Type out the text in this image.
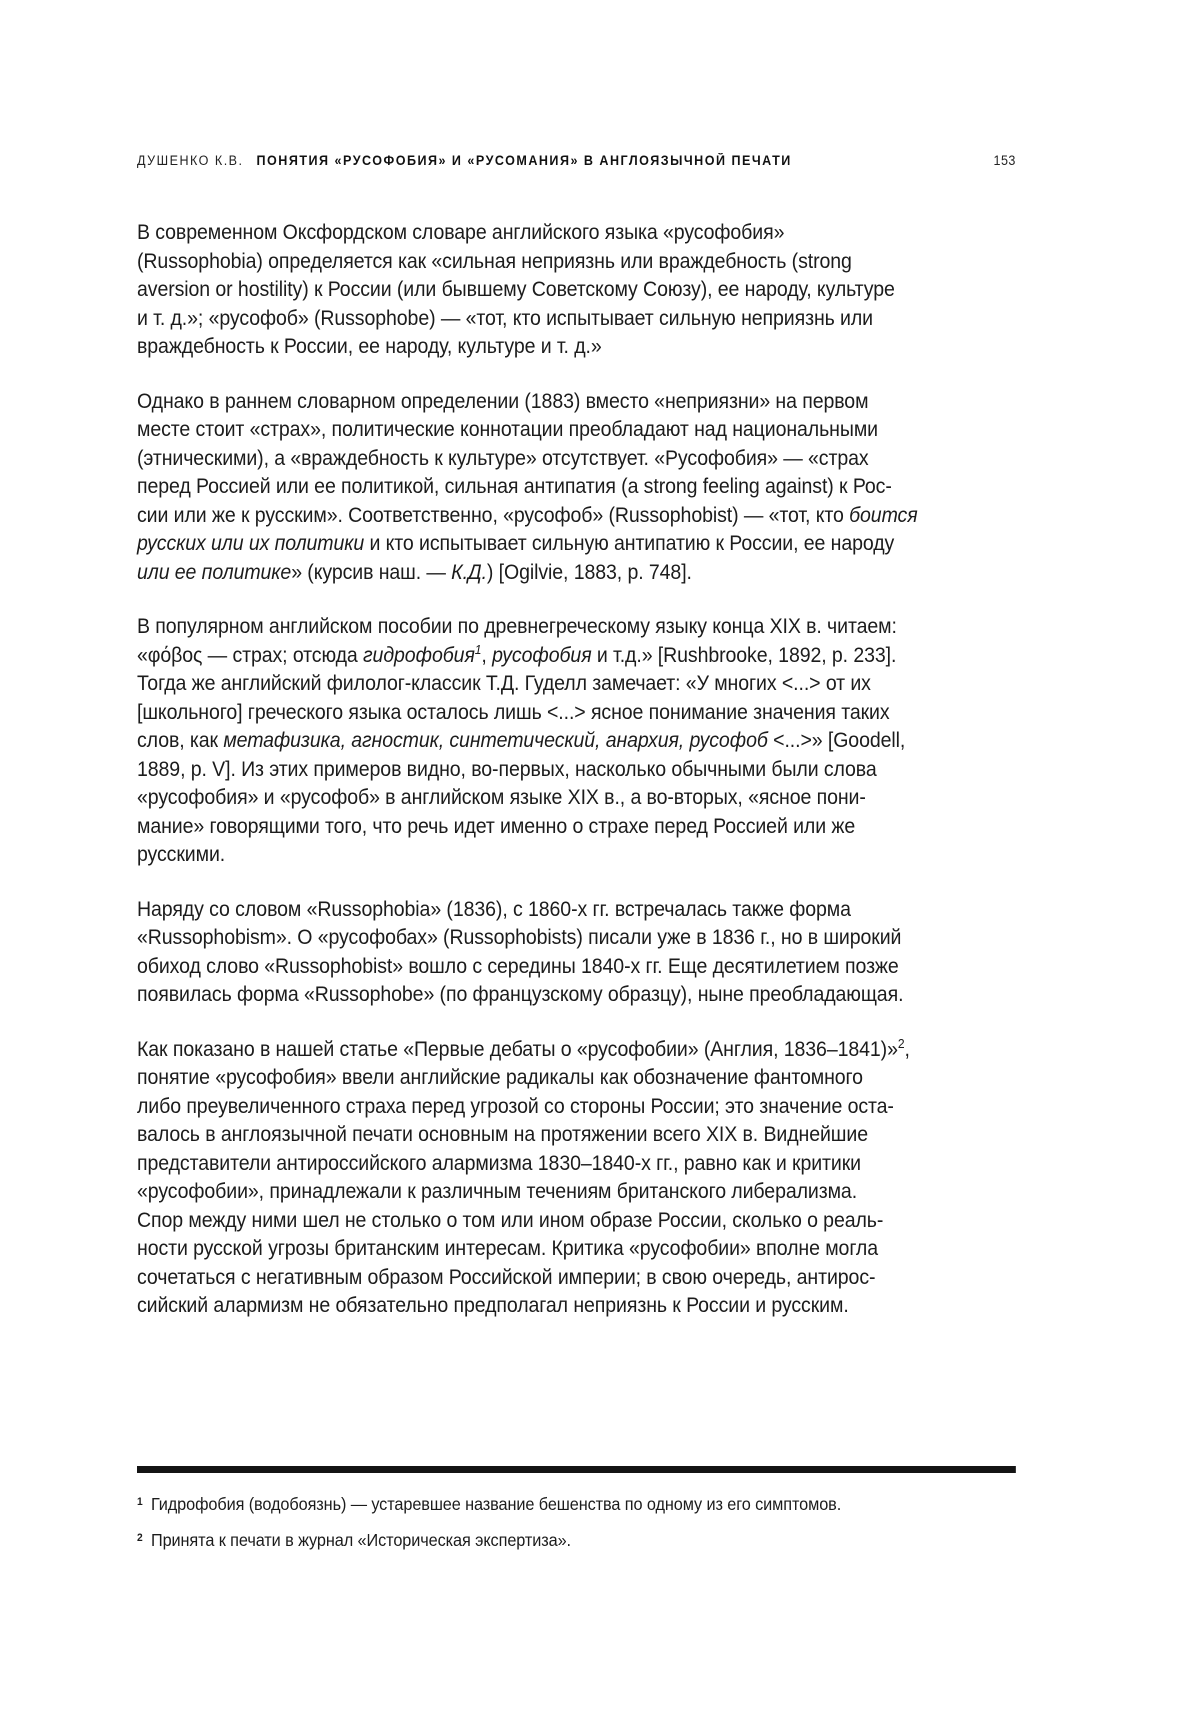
ДУШЕНКО К.В. ПОНЯТИЯ «РУСОФОБИЯ» И «РУСОМАНИЯ» В АНГЛОЯЗЫЧНОЙ ПЕЧАТИ	153
В современном Оксфордском словаре английского языка «русофобия»
(Russophobia) определяется как «сильная неприязнь или враждебность (strong
aversion or hostility) к России (или бывшему Советскому Союзу), ее народу, культуре
и т. д.»; «русофоб» (Russophobe) — «тот, кто испытывает сильную неприязнь или
враждебность к России, ее народу, культуре и т. д.»
Однако в раннем словарном определении (1883) вместо «неприязни» на первом
месте стоит «страх», политические коннотации преобладают над национальными
(этническими), а «враждебность к культуре» отсутствует. «Русофобия» — «страх
перед Россией или ее политикой, сильная антипатия (a strong feeling against) к Рос-
сии или же к русским». Соответственно, «русофоб» (Russophobist) — «тот, кто боится
русских или их политики и кто испытывает сильную антипатию к России, ее народу
или ее политике» (курсив наш. — К.Д.) [Ogilvie, 1883, p. 748].
В популярном английском пособии по древнегреческому языку конца XIX в. читаем:
«φόβος — страх; отсюда гидрофобия$^1$, русофобия и т.д.» [Rushbrooke, 1892, p. 233].
Тогда же английский филолог-классик Т.Д. Гуделл замечает: «У многих <...> от их
[школьного] греческого языка осталось лишь <...> ясное понимание значения таких
слов, как метафизика, агностик, синтетический, анархия, русофоб <...>» [Goodell,
1889, p. V]. Из этих примеров видно, во-первых, насколько обычными были слова
«русофобия» и «русофоб» в английском языке XIX в., а во-вторых, «ясное пони-
мание» говорящими того, что речь идет именно о страхе перед Россией или же
русскими.
Наряду со словом «Russophobia» (1836), с 1860-х гг. встречалась также форма
«Russophobism». О «русофобах» (Russophobists) писали уже в 1836 г., но в широкий
обиход слово «Russophobist» вошло с середины 1840-х гг. Еще десятилетием позже
появилась форма «Russophobe» (по французскому образцу), ныне преобладающая.
Как показано в нашей статье «Первые дебаты о «русофобии» (Англия, 1836–1841)»$^2$,
понятие «русофобия» ввели английские радикалы как обозначение фантомного
либо преувеличенного страха перед угрозой со стороны России; это значение оста-
валось в англоязычной печати основным на протяжении всего XIX в. Виднейшие
представители антироссийского алармизма 1830–1840-х гг., равно как и критики
«русофобии», принадлежали к различным течениям британского либерализма.
Спор между ними шел не столько о том или ином образе России, сколько о реаль-
ности русской угрозы британским интересам. Критика «русофобии» вполне могла
сочетаться с негативным образом Российской империи; в свою очередь, антирос-
сийский алармизм не обязательно предполагал неприязнь к России и русским.
$^1$ Гидрофобия (водобоязнь) — устаревшее название бешенства по одному из его симптомов.
$^2$ Принята к печати в журнал «Историческая экспертиза».
